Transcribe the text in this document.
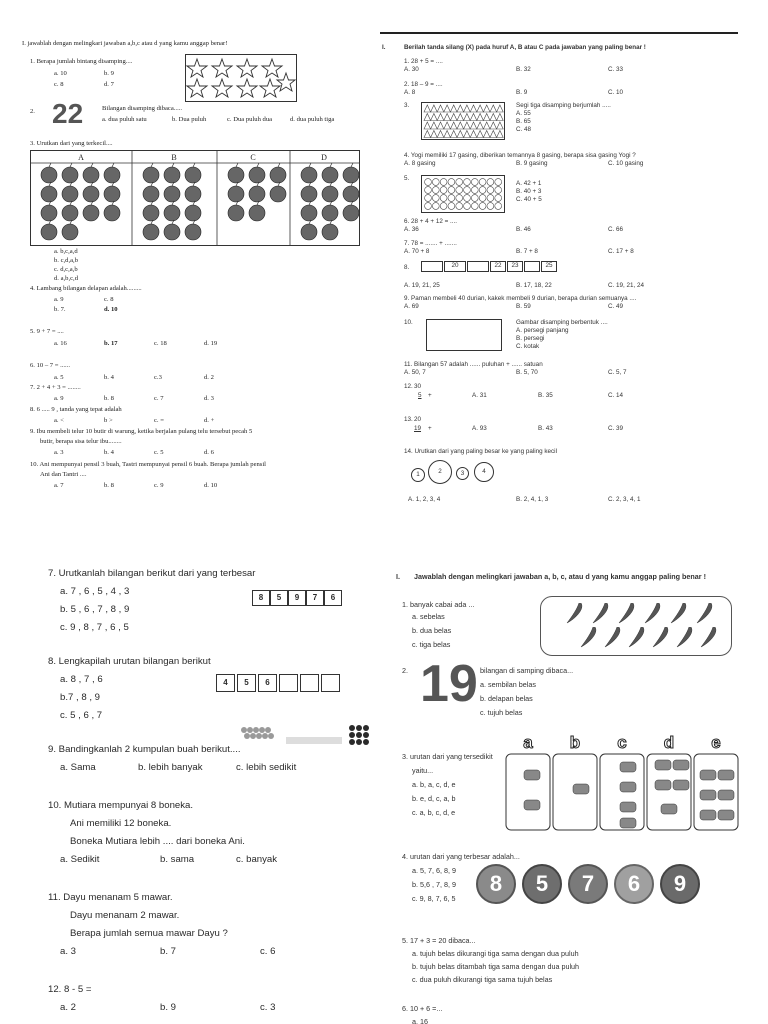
I. jawablah dengan melingkari jawaban a,b,c atau d yang kamu anggap benar!
1. Berapa jumlah bintang disamping....
a. 10	b. 9
c. 8	d. 7
2. 22	Bilangan disamping dibaca.....
a. dua puluh satu	b. Dua puluh	c. Dua puluh dua	d. dua puluh tiga
3. Urutkan dari yang terkecil....
A	B	C	D
a. b,c,a,d
b. c,d,a,b
c. d,c,a,b
d. a,b,c,d
4. Lambang bilangan delapan adalah.........
a. 9	c. 8
b. 7.	d. 10
5. 9 + 7 = ....
a. 16	b. 17	c. 18	d. 19
6. 10 – 7 = ......
a. 5	b. 4	c.3	d. 2
7. 2 + 4 + 3 = ........
a. 9	b. 8	c. 7	d. 3
8. 6 ..... 9 , tanda yang tepat adalah
a. <	b >	c. =	d. +
9. Ibu membeli telur 10 butir di warung, ketika berjalan pulang telu tersebut pecah 5
butir, berapa sisa telur ibu........
a. 3	b. 4	c. 5	d. 6
10. Ani mempunyai pensil 3 buah, Tastri mempunyai pensil 6 buah. Berapa jumlah pensil
Ani dan Tantri ....
a. 7	b. 8	c. 9	d. 10
I.	Berilah tanda silang (X) pada huruf A, B atau C pada jawaban yang paling benar !
1. 28 + 5 = ....
A. 30	B. 32	C. 33
2. 18 – 9 = ....
A. 8	B. 9	C. 10
3.	Segi tiga disamping berjumlah .....
A. 55
B. 65
C. 48
4. Yogi memiliki 17 gasing, diberikan temannya 8 gasing, berapa sisa gasing Yogi ?
A. 8 gasing	B. 9 gasing	C. 10 gasing
5.
A. 42 + 1
B. 40 + 3
C. 40 + 5
6. 28 + 4 + 12 = ....
A. 36	B. 46	C. 66
7. 78 = ....... + .......
A. 70 + 8	B. 7 + 8	C. 17 + 8
8.	20	22	23	25
A. 19, 21, 25	B. 17, 18, 22	C. 19, 21, 24
9. Paman membeli 40 durian, kakek membeli 9 durian, berapa durian semuanya ....
A. 69	B. 59	C. 49
10.	Gambar disamping berbentuk ....
A. persegi panjang
B. persegi
C. kotak
11. Bilangan 57 adalah ...... puluhan + ...... satuan
A. 50, 7	B. 5, 70	C. 5, 7
12. 30
5 +	A. 31	B. 35	C. 14
13. 20
19 +	A. 93	B. 43	C. 39
14. Urutkan dari yang paling besar ke yang paling kecil
1	2	3	4
A. 1, 2, 3, 4	B. 2, 4, 1, 3	C. 2, 3, 4, 1
7. Urutkanlah bilangan berikut dari yang terbesar
a. 7 , 6 , 5 , 4 , 3
b. 5 , 6 , 7 , 8 , 9
c. 9 , 8 , 7 , 6 , 5
8	5	9	7	6
8. Lengkapilah urutan bilangan berikut
a. 8 , 7 , 6
b.7 , 8 , 9
c. 5 , 6 , 7
4	5	6
9. Bandingkanlah 2 kumpulan buah berikut....
a. Sama	b. lebih banyak	c. lebih sedikit
10. Mutiara mempunyai 8 boneka.
Ani memiliki 12 boneka.
Boneka Mutiara lebih .... dari boneka Ani.
a. Sedikit	b. sama	c. banyak
11. Dayu menanam 5 mawar.
Dayu menanam 2 mawar.
Berapa jumlah semua mawar Dayu ?
a. 3	b. 7	c. 6
12. 8 - 5 =
a. 2	b. 9	c. 3
I. Jawablah dengan melingkari jawaban a, b, c, atau d yang kamu anggap paling benar !
1. banyak cabai ada ...
a. sebelas
b. dua belas
c. tiga belas
2. 19 bilangan di samping dibaca...
a. sembilan belas
b. delapan belas
c. tujuh belas
3. urutan dari yang tersedikit
yaitu...
a. b, a, c, d, e
b. e, d, c, a, b
c. a, b, c, d, e
a b c d e
4. urutan dari yang terbesar adalah...
a. 5, 7, 6, 8, 9
b. 5,6 , 7, 8, 9
c. 9, 8, 7, 6, 5
8	5	7	6	9
5. 17 + 3 = 20 dibaca...
a. tujuh belas dikurangi tiga sama dengan dua puluh
b. tujuh belas ditambah tiga sama dengan dua puluh
c. dua puluh dikurangi tiga sama tujuh belas
6. 10 + 6 =...
a. 16
